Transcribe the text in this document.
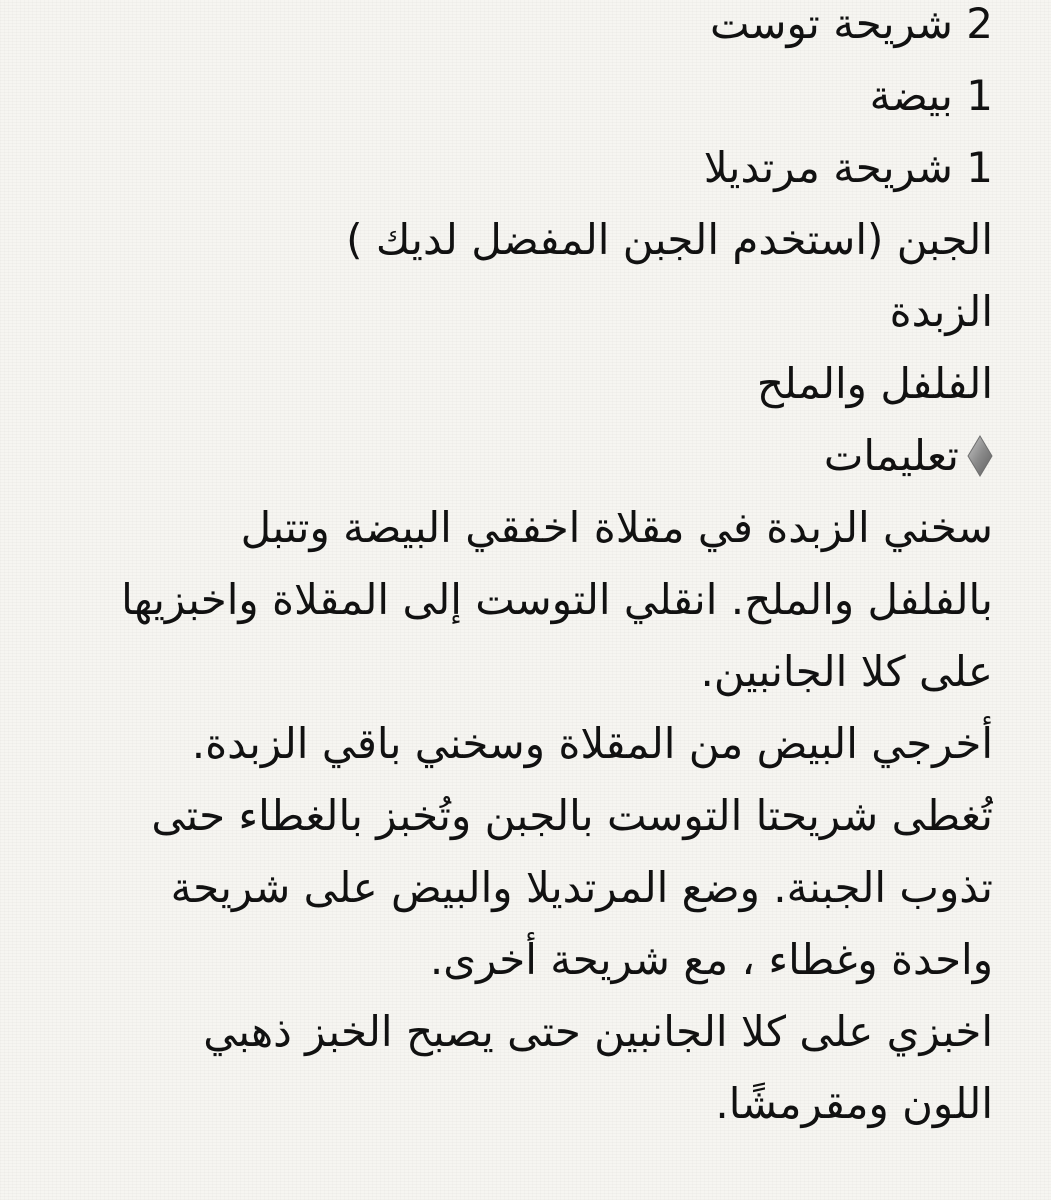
2 شريحة توست
1 بيضة
1 شريحة مرتديلا
الجبن (استخدم الجبن المفضل لديك )
الزبدة
الفلفل والملح
تعليمات
سخني الزبدة في مقلاة اخفقي البيضة وتتبل
بالفلفل والملح. انقلي التوست إلى المقلاة واخبزيها
على كلا الجانبين.
أخرجي البيض من المقلاة وسخني باقي الزبدة.
تُغطى شريحتا التوست بالجبن وتُخبز بالغطاء حتى
تذوب الجبنة. وضع المرتديلا والبيض على شريحة
واحدة وغطاء ، مع شريحة أخرى.
اخبزي على كلا الجانبين حتى يصبح الخبز ذهبي
اللون ومقرمشًا.
